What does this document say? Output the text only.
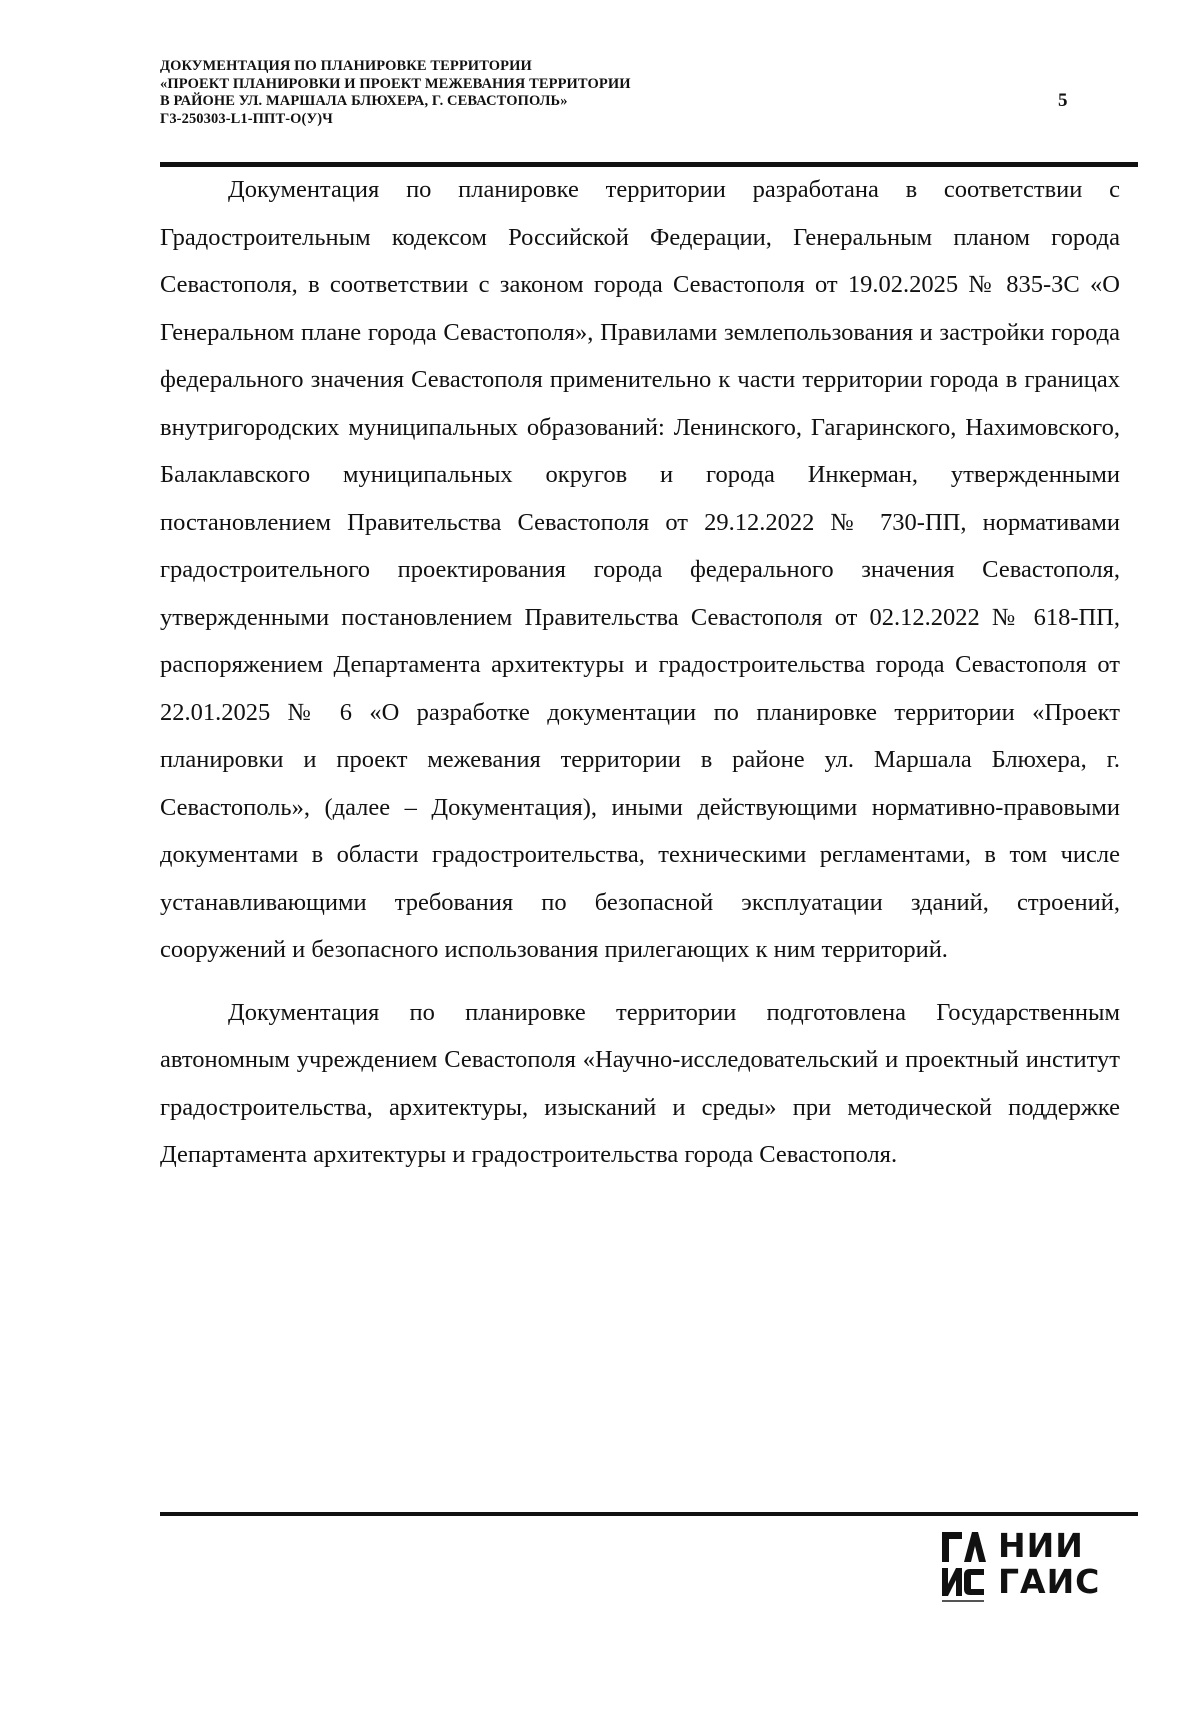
ДОКУМЕНТАЦИЯ ПО ПЛАНИРОВКЕ ТЕРРИТОРИИ
«ПРОЕКТ ПЛАНИРОВКИ И ПРОЕКТ МЕЖЕВАНИЯ ТЕРРИТОРИИ
В РАЙОНЕ УЛ. МАРШАЛА БЛЮХЕРА, Г. СЕВАСТОПОЛЬ»
Г3-250303-L1-ППТ-О(У)Ч
5

Документация по планировке территории разработана в соответствии с Градостроительным кодексом Российской Федерации, Генеральным планом города Севастополя, в соответствии с законом города Севастополя от 19.02.2025 № 835-ЗС «О Генеральном плане города Севастополя», Правилами землепользования и застройки города федерального значения Севастополя применительно к части территории города в границах внутригородских муниципальных образований: Ленинского, Гагаринского, Нахимовского, Балаклавского муниципальных округов и города Инкерман, утвержденными постановлением Правительства Севастополя от 29.12.2022 № 730-ПП, нормативами градостроительного проектирования города федерального значения Севастополя, утвержденными постановлением Правительства Севастополя от 02.12.2022 № 618-ПП, распоряжением Департамента архитектуры и градостроительства города Севастополя от 22.01.2025 № 6 «О разработке документации по планировке территории «Проект планировки и проект межевания территории в районе ул. Маршала Блюхера, г. Севастополь», (далее – Документация), иными действующими нормативно-правовыми документами в области градостроительства, техническими регламентами, в том числе устанавливающими требования по безопасной эксплуатации зданий, строений, сооружений и безопасного использования прилегающих к ним территорий.

Документация по планировке территории подготовлена Государственным автономным учреждением Севастополя «Научно-исследовательский и проектный институт градостроительства, архитектуры, изысканий и среды» при методической поддержке Департамента архитектуры и градостроительства города Севастополя.

НИИ
ГАИС
